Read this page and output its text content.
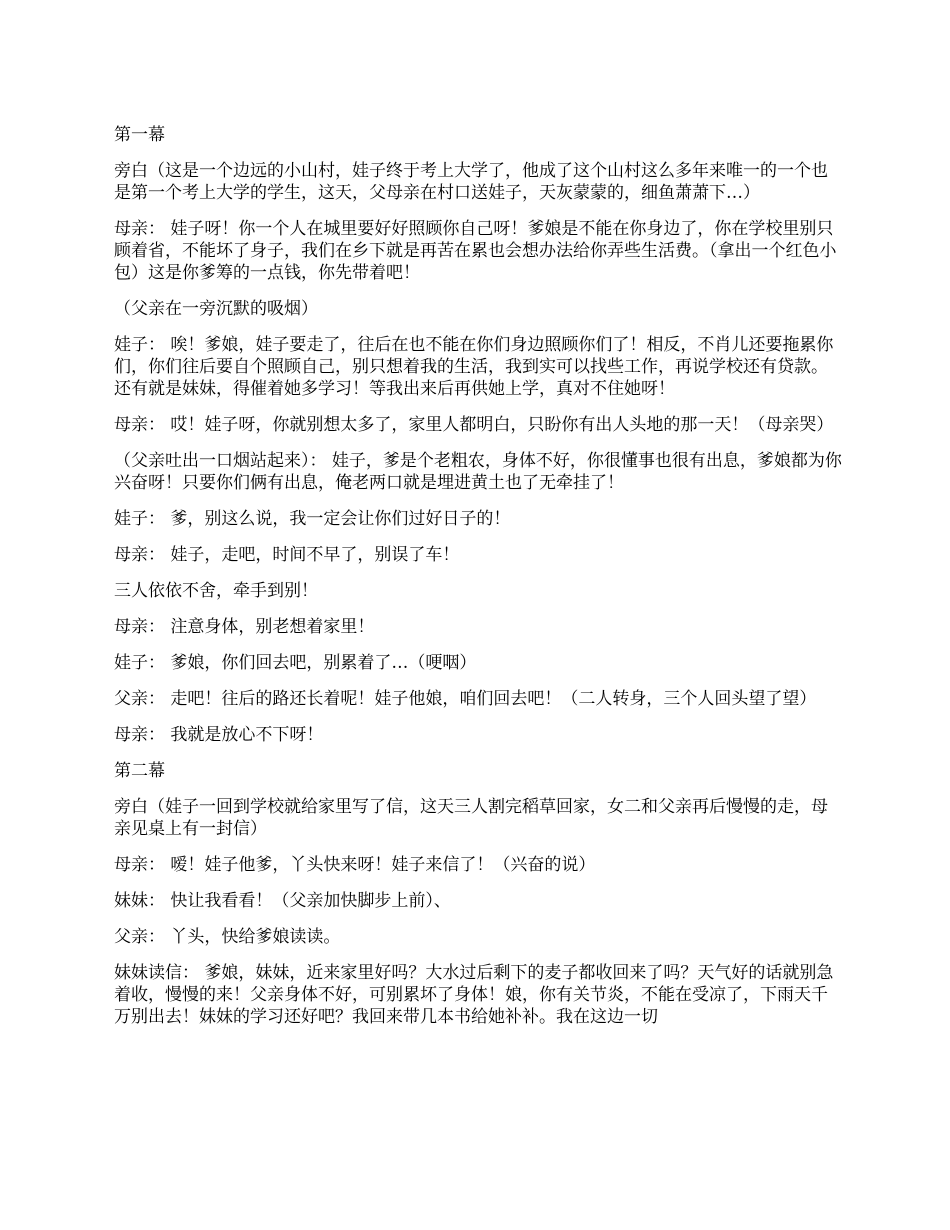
第一幕

旁白（这是一个边远的小山村，娃子终于考上大学了，他成了这个山村这么多年来唯一的一个也是第一个考上大学的学生，这天，父母亲在村口送娃子，天灰蒙蒙的，细鱼萧萧下…）

母亲： 娃子呀！你一个人在城里要好好照顾你自己呀！爹娘是不能在你身边了，你在学校里别只顾着省，不能坏了身子，我们在乡下就是再苦在累也会想办法给你弄些生活费。（拿出一个红色小包）这是你爹筹的一点钱，你先带着吧！

（父亲在一旁沉默的吸烟）

娃子： 唉！爹娘，娃子要走了，往后在也不能在你们身边照顾你们了！相反，不肖儿还要拖累你们，你们往后要自个照顾自己，别只想着我的生活，我到实可以找些工作，再说学校还有贷款。还有就是妹妹，得催着她多学习！等我出来后再供她上学，真对不住她呀！

母亲： 哎！娃子呀，你就别想太多了，家里人都明白，只盼你有出人头地的那一天！（母亲哭）

（父亲吐出一口烟站起来）： 娃子，爹是个老粗农，身体不好，你很懂事也很有出息，爹娘都为你兴奋呀！只要你们俩有出息，俺老两口就是埋进黄土也了无牵挂了！

娃子： 爹，别这么说，我一定会让你们过好日子的！

母亲： 娃子，走吧，时间不早了，别误了车！

三人依依不舍，牵手到别！

母亲： 注意身体，别老想着家里！

娃子： 爹娘，你们回去吧，别累着了…（哽咽）

父亲： 走吧！往后的路还长着呢！娃子他娘，咱们回去吧！（二人转身，三个人回头望了望）

母亲： 我就是放心不下呀！

第二幕

旁白（娃子一回到学校就给家里写了信，这天三人割完稻草回家，女二和父亲再后慢慢的走，母亲见桌上有一封信）

母亲： 嗳！娃子他爹，丫头快来呀！娃子来信了！（兴奋的说）

妹妹： 快让我看看！（父亲加快脚步上前）、

父亲： 丫头，快给爹娘读读。

妹妹读信： 爹娘，妹妹，近来家里好吗？大水过后剩下的麦子都收回来了吗？天气好的话就别急着收，慢慢的来！父亲身体不好，可别累坏了身体！娘，你有关节炎，不能在受凉了，下雨天千万别出去！妹妹的学习还好吧？我回来带几本书给她补补。我在这边一切
